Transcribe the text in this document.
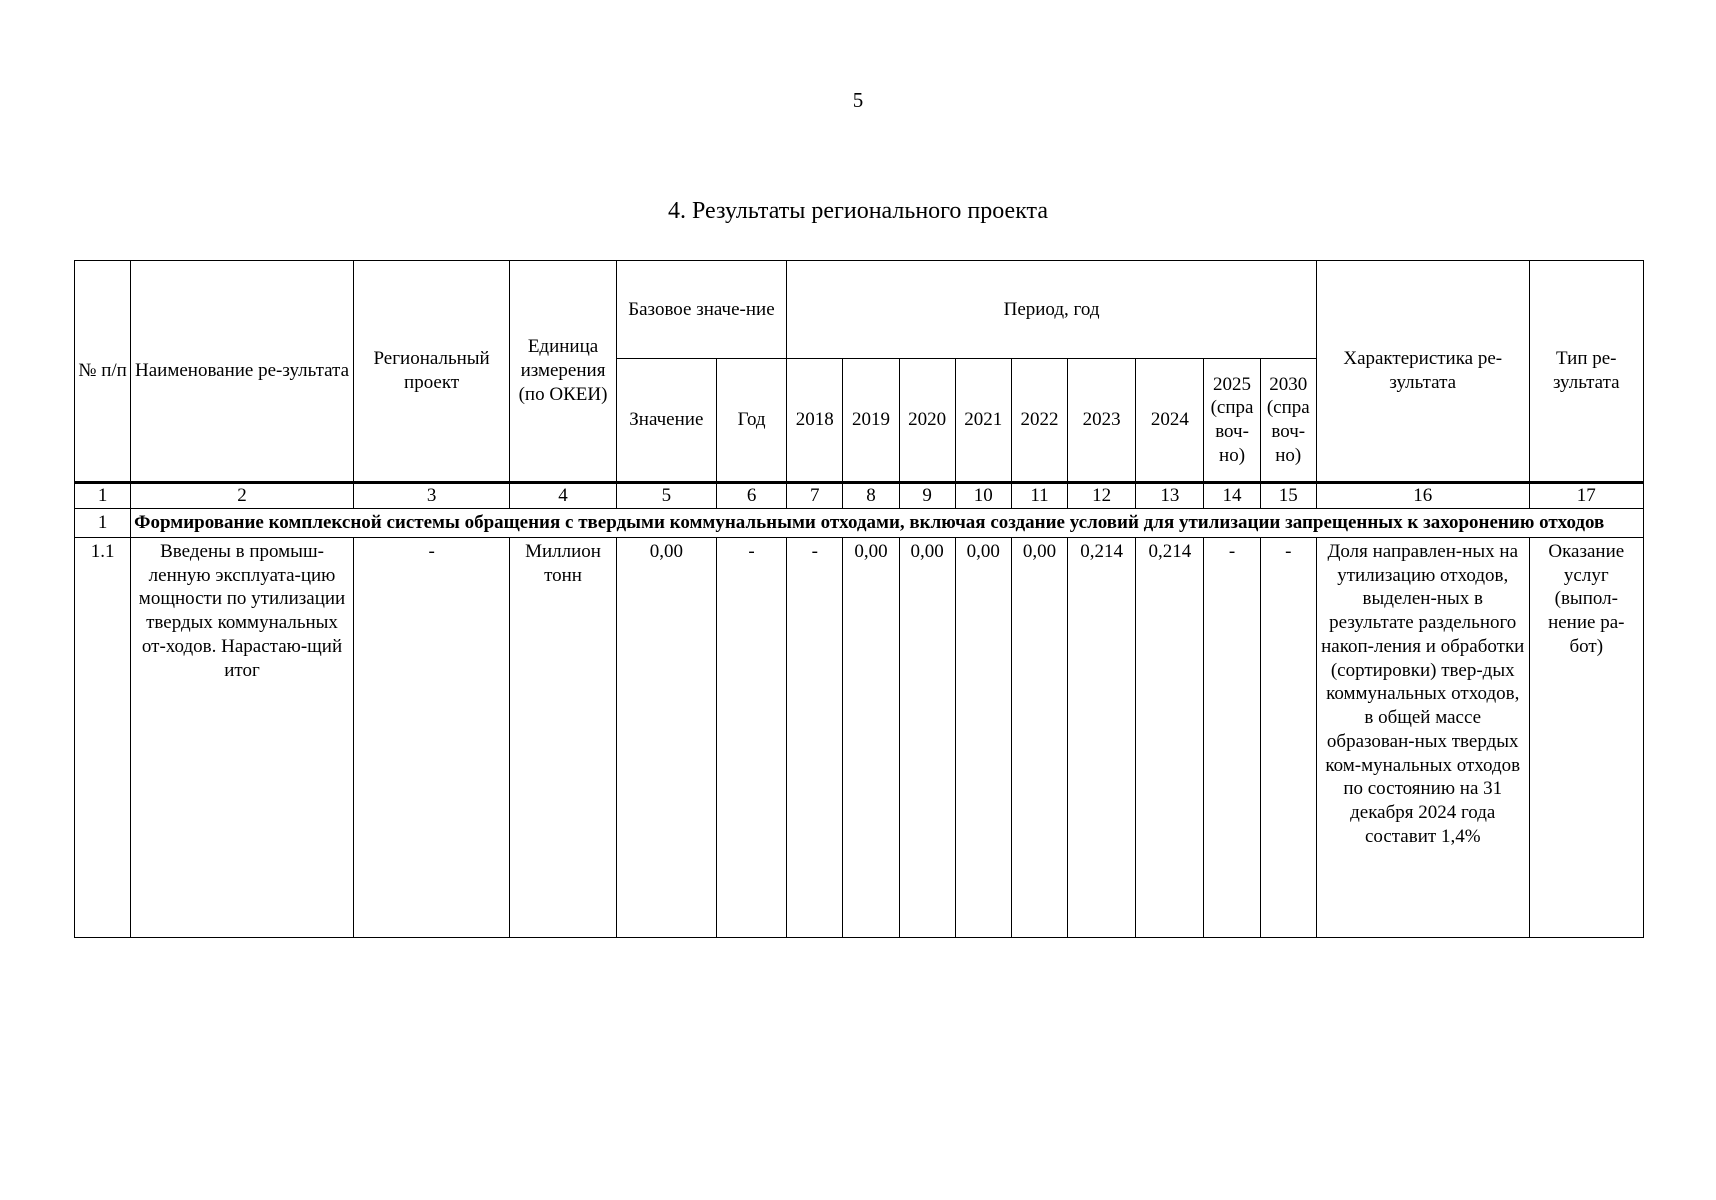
5
4. Результаты регионального проекта
№ п/п	Наименование ре-зультата	Региональный проект	Единица измерения (по ОКЕИ)	Базовое значе-ние		Период, год									Характеристика ре-зультата	Тип ре-зультата
				Значение	Год	2018	2019	2020	2021	2022	2023	2024	2025 (спра воч-но)	2030 (спра воч-но)		
1	2	3	4	5	6	7	8	9	10	11	12	13	14	15	16	17
1	Формирование комплексной системы обращения с твердыми коммунальными отходами, включая создание условий для утилизации запрещенных к захоронению отходов															
1.1	Введены в промыш-ленную эксплуата-цию мощности по утилизации твердых коммунальных от-ходов. Нарастаю-щий итог	-	Миллион тонн	0,00	-	-	0,00	0,00	0,00	0,00	0,214	0,214	-	-	Доля направлен-ных на утилизацию отходов, выделен-ных в результате раздельного накоп-ления и обработки (сортировки) твер-дых коммунальных отходов, в общей массе образован-ных твердых ком-мунальных отходов по состоянию на 31 декабря 2024 года составит 1,4%	Оказание услуг (выпол-нение ра-бот)
